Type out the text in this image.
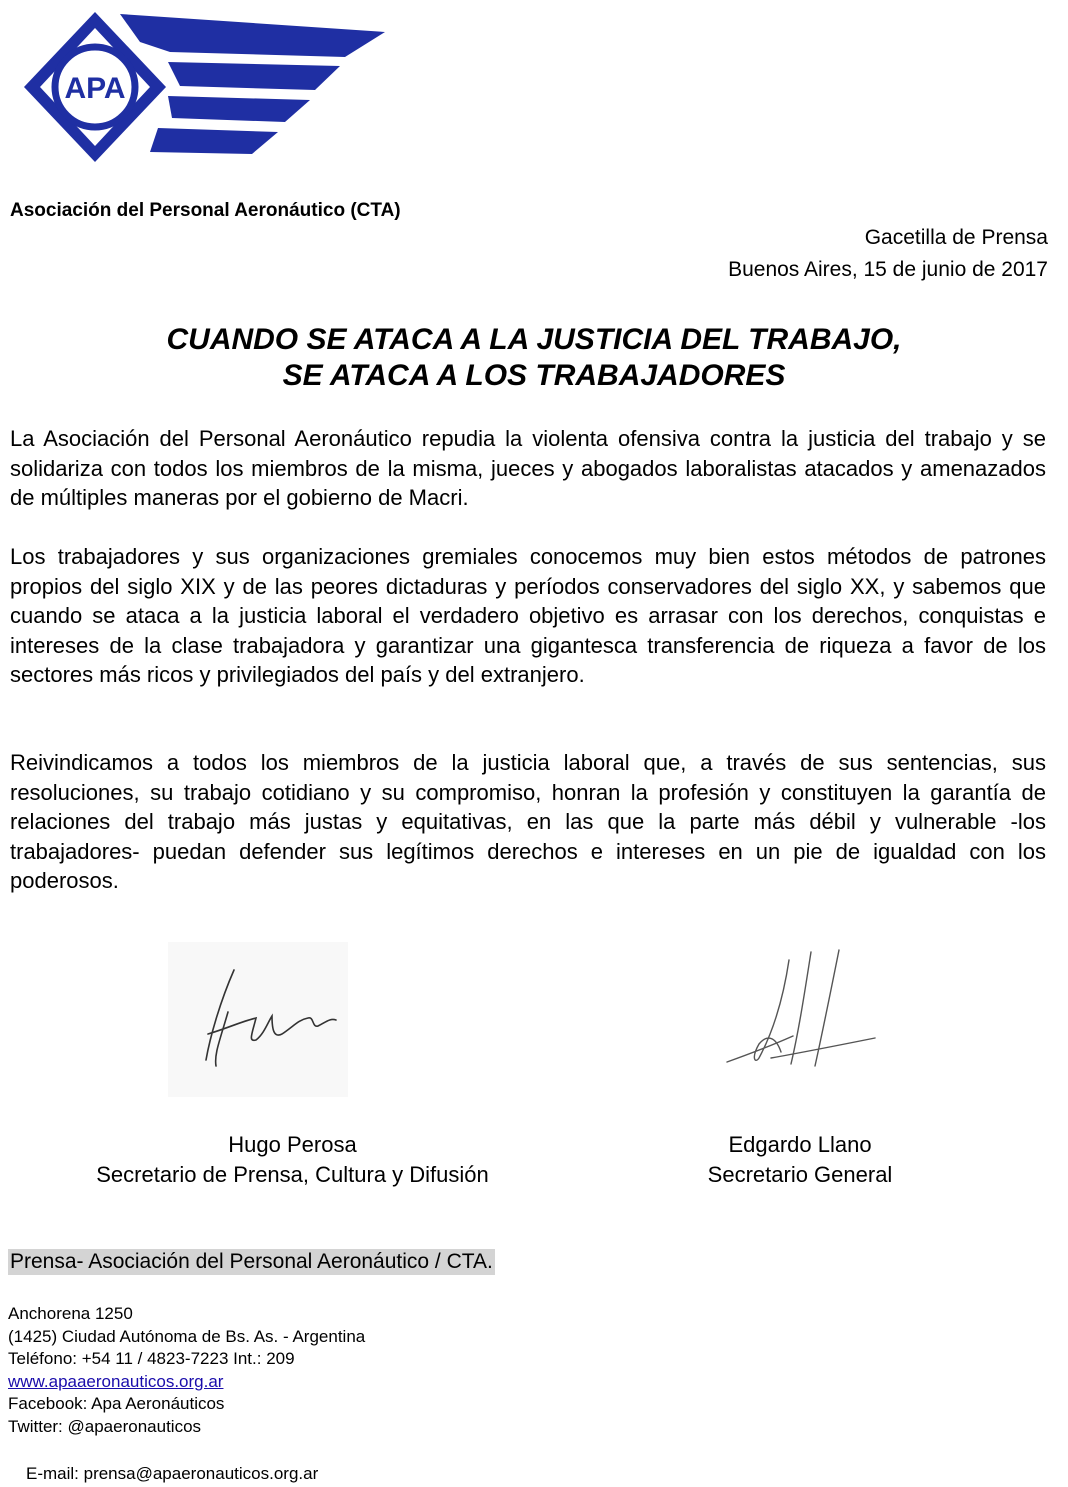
APA
Asociación del Personal Aeronáutico (CTA)
Gacetilla de Prensa
Buenos Aires, 15 de junio de 2017
CUANDO SE ATACA A LA JUSTICIA DEL TRABAJO,
SE ATACA A LOS TRABAJADORES

La Asociación del Personal Aeronáutico repudia la violenta ofensiva contra la justicia del trabajo y se solidariza con todos los miembros de la misma, jueces y abogados laboralistas atacados y amenazados de múltiples maneras por el gobierno de Macri.

Los trabajadores y sus organizaciones gremiales conocemos muy bien estos métodos de patrones propios del siglo XIX y de las peores dictaduras y períodos conservadores del siglo XX, y sabemos que cuando se ataca a la justicia laboral el verdadero objetivo es arrasar con los derechos, conquistas e intereses de la clase trabajadora y garantizar una gigantesca transferencia de riqueza a favor de los sectores más ricos y privilegiados del país y del extranjero.

Reivindicamos a todos los miembros de la justicia laboral que, a través de sus sentencias, sus resoluciones, su trabajo cotidiano y su compromiso, honran la profesión y constituyen la garantía de relaciones del trabajo más justas y equitativas, en las que la parte más débil y vulnerable -los trabajadores- puedan defender sus legítimos derechos e intereses en un pie de igualdad con los poderosos.

Hugo Perosa
Secretario de Prensa, Cultura y Difusión
Edgardo Llano
Secretario General
Prensa- Asociación del Personal Aeronáutico / CTA.
Anchorena 1250
(1425) Ciudad Autónoma de Bs. As. - Argentina
Teléfono: +54 11 / 4823-7223 Int.: 209
www.apaaeronauticos.org.ar
Facebook: Apa Aeronáuticos
Twitter: @apaeronauticos
E-mail: prensa@apaeronauticos.org.ar
